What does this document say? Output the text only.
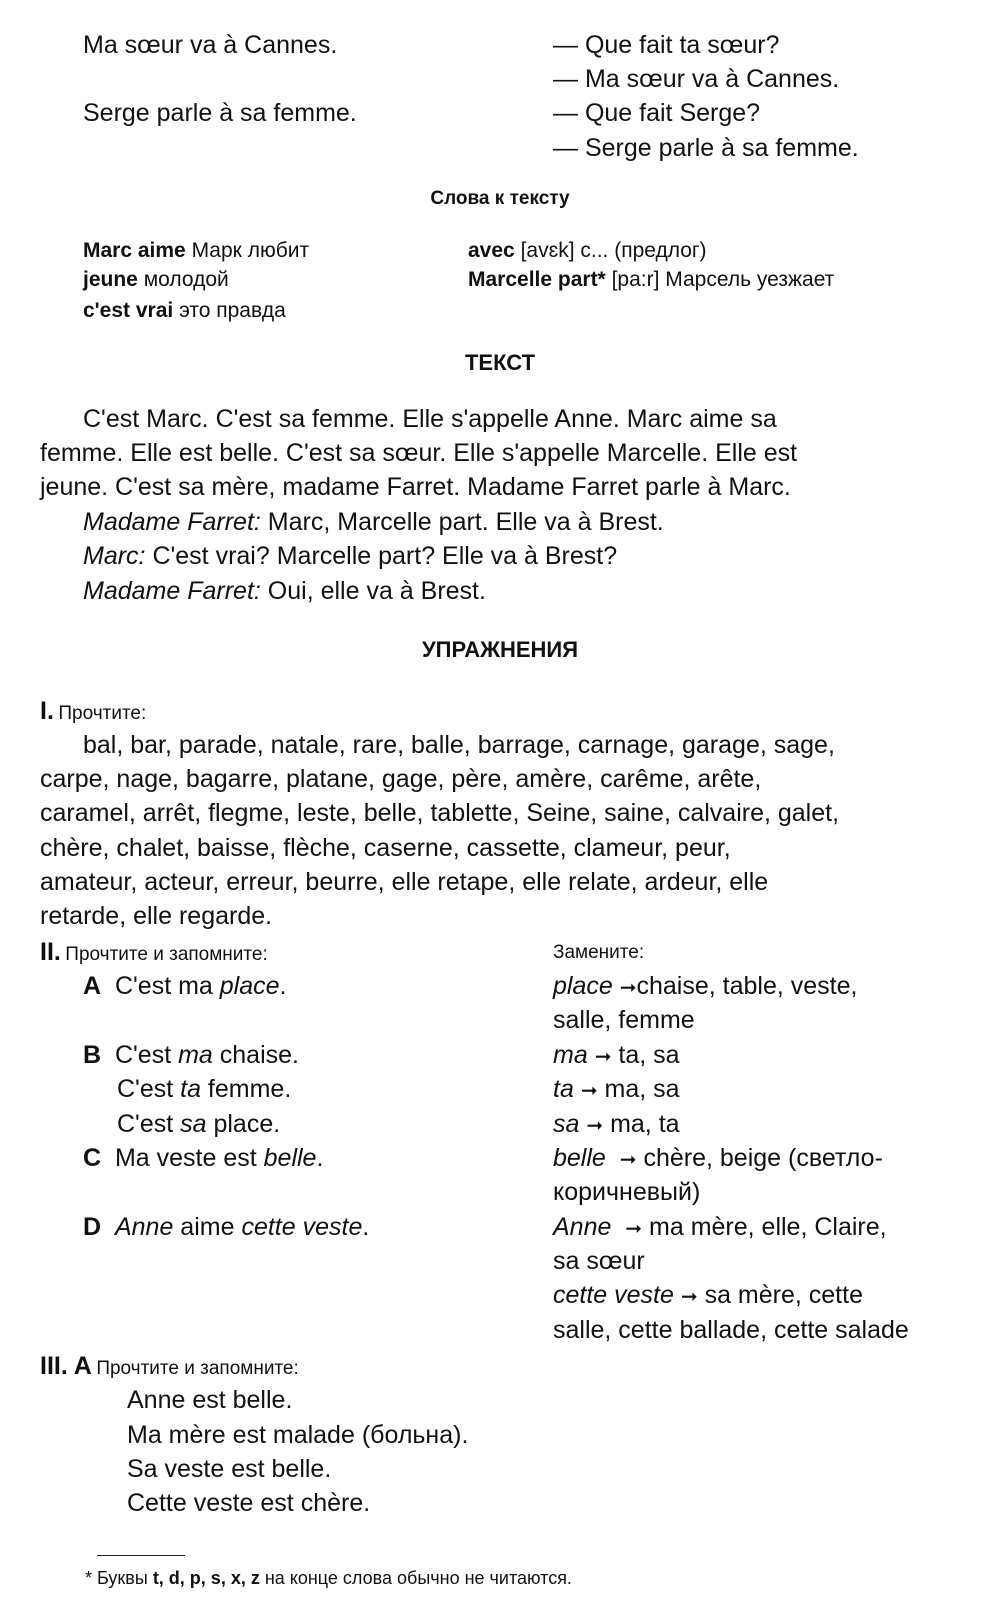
Ma sœur va à Cannes.
Serge parle à sa femme.
— Que fait ta sœur?
— Ma sœur va à Cannes.
— Que fait Serge?
— Serge parle à sa femme.
Слова к тексту
Marc aime Марк любит
jeune молодой
c'est vrai это правда
avec [avɛk] с... (предлог)
Marcelle part* [pa:r] Марсель уезжает
ТЕКСТ
C'est Marc. C'est sa femme. Elle s'appelle Anne. Marc aime sa
femme. Elle est belle. C'est sa sœur. Elle s'appelle Marcelle. Elle est
jeune. C'est sa mère, madame Farret. Madame Farret parle à Marc.
Madame Farret: Marc, Marcelle part. Elle va à Brest.
Marc: C'est vrai? Marcelle part? Elle va à Brest?
Madame Farret: Oui, elle va à Brest.
УПРАЖНЕНИЯ
I. Прочтите:
bal, bar, parade, natale, rare, balle, barrage, carnage, garage, sage,
carpe, nage, bagarre, platane, gage, père, amère, carême, arête,
caramel, arrêt, flegme, leste, belle, tablette, Seine, saine, calvaire, galet,
chère, chalet, baisse, flèche, caserne, cassette, clameur, peur,
amateur, acteur, erreur, beurre, elle retape, elle relate, ardeur, elle
retarde, elle regarde.
II. Прочтите и запомните:	Замените:
A C'est ma place.
B C'est ma chaise.
C'est ta femme.
C'est sa place.
C Ma veste est belle.
D Anne aime cette veste.
place ➞chaise, table, veste,
salle, femme
ma ➞ ta, sa
ta ➞ ma, sa
sa ➞ ma, ta
belle ➞ chère, beige (светло-
коричневый)
Anne ➞ ma mère, elle, Claire,
sa sœur
cette veste ➞ sa mère, cette
salle, cette ballade, cette salade
III. A Прочтите и запомните:
Anne est belle.
Ma mère est malade (больна).
Sa veste est belle.
Cette veste est chère.
* Буквы t, d, p, s, x, z на конце слова обычно не читаются.
